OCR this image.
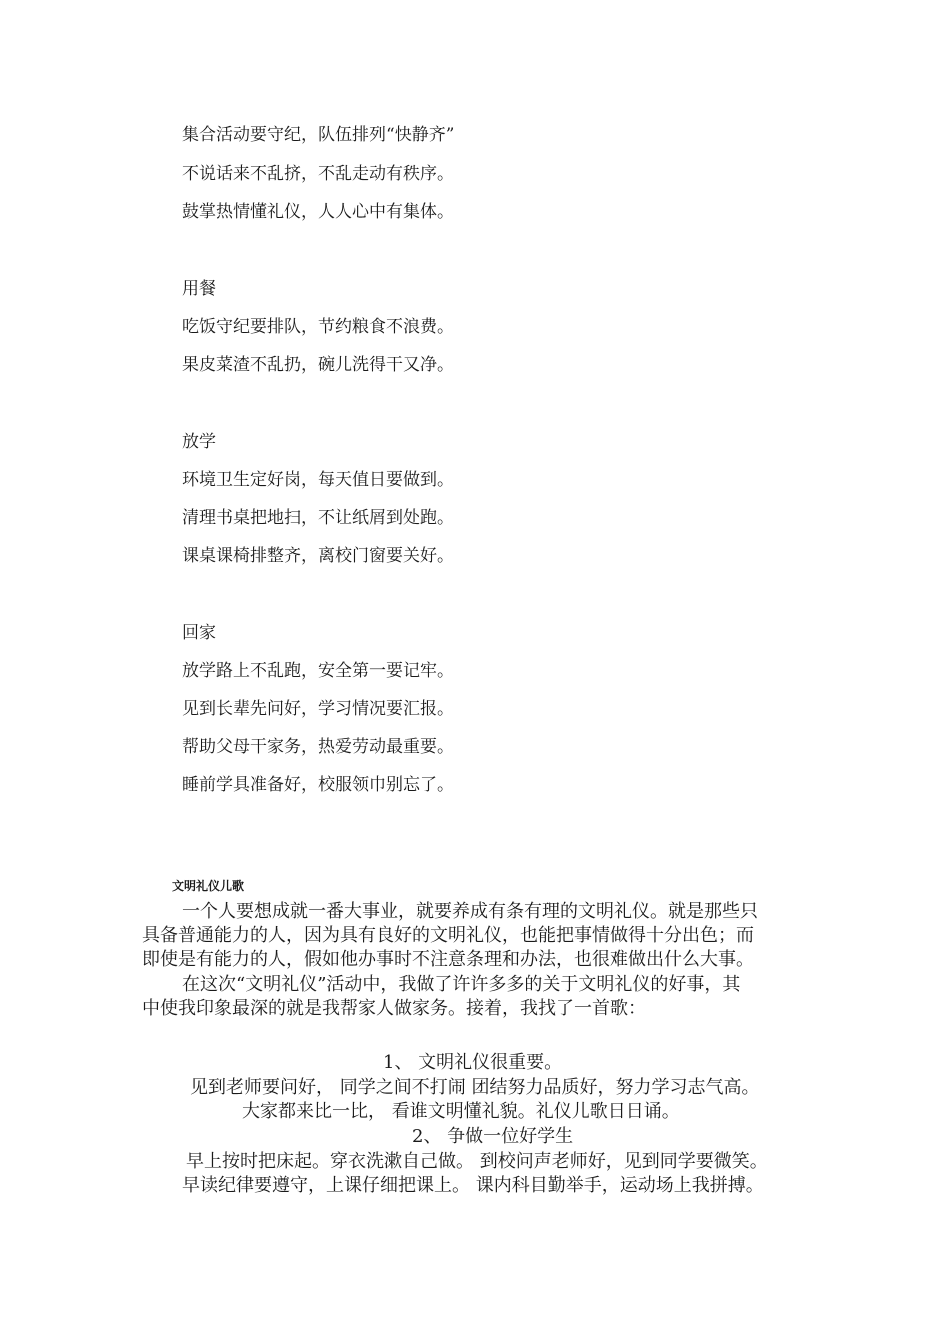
集合活动要守纪，队伍排列“快静齐”
不说话来不乱挤，不乱走动有秩序。
鼓掌热情懂礼仪，人人心中有集体。
用餐
吃饭守纪要排队，节约粮食不浪费。
果皮菜渣不乱扔，碗儿洗得干又净。
放学
环境卫生定好岗，每天值日要做到。
清理书桌把地扫，不让纸屑到处跑。
课桌课椅排整齐，离校门窗要关好。
回家
放学路上不乱跑，安全第一要记牢。
见到长辈先问好，学习情况要汇报。
帮助父母干家务，热爱劳动最重要。
睡前学具准备好，校服领巾别忘了。
文明礼仪儿歌
一个人要想成就一番大事业，就要养成有条有理的文明礼仪。就是那些只
具备普通能力的人，因为具有良好的文明礼仪，也能把事情做得十分出色；而
即使是有能力的人，假如他办事时不注意条理和办法，也很难做出什么大事。
在这次“文明礼仪”活动中，我做了许许多多的关于文明礼仪的好事，其
中使我印象最深的就是我帮家人做家务。接着，我找了一首歌：
1、 文明礼仪很重要。
见到老师要问好， 同学之间不打闹 团结努力品质好，努力学习志气高。
大家都来比一比， 看谁文明懂礼貌。礼仪儿歌日日诵。
2、 争做一位好学生
早上按时把床起。穿衣洗漱自己做。 到校问声老师好，见到同学要微笑。
早读纪律要遵守，上课仔细把课上。 课内科目勤举手，运动场上我拼搏。
